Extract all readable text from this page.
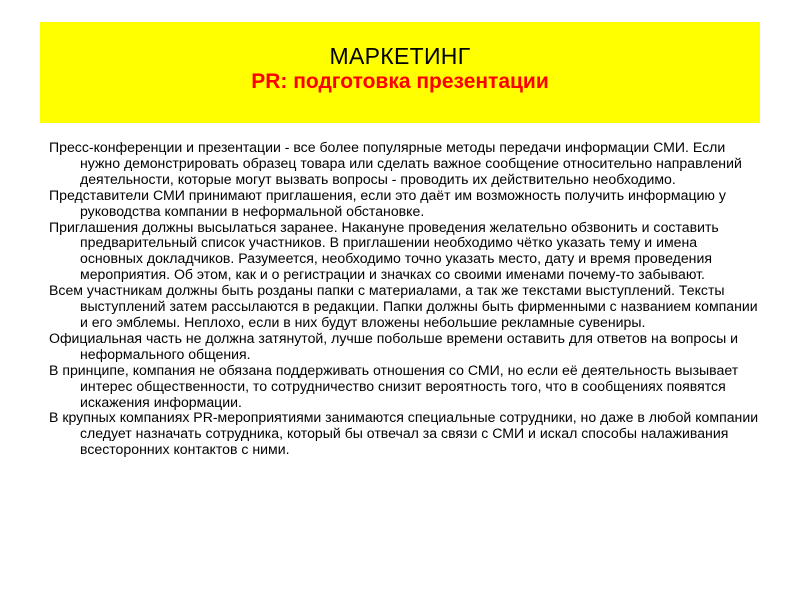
МАРКЕТИНГ
PR: подготовка презентации

Пресс-конференции и презентации - все более популярные методы передачи информации СМИ. Если нужно демонстрировать образец товара или сделать важное сообщение относительно направлений деятельности, которые могут вызвать вопросы - проводить их действительно необходимо.

Представители СМИ принимают приглашения, если это даёт им возможность получить информацию у руководства компании в неформальной обстановке.

Приглашения должны высылаться заранее. Накануне проведения желательно обзвонить и составить предварительный список участников. В приглашении необходимо чётко указать тему и имена основных докладчиков. Разумеется, необходимо точно указать место, дату и время проведения мероприятия. Об этом, как и о регистрации и значках со своими именами почему-то забывают.

Всем участникам должны быть розданы папки с материалами, а так же текстами выступлений. Тексты выступлений затем рассылаются в редакции. Папки должны быть фирменными с названием компании и его эмблемы. Неплохо, если в них будут вложены небольшие рекламные сувениры.

Официальная часть не должна затянутой, лучше побольше времени оставить для ответов на вопросы и неформального общения.

В принципе, компания не обязана поддерживать отношения со СМИ, но если её деятельность вызывает интерес общественности, то сотрудничество снизит вероятность того, что в сообщениях появятся искажения информации.

В крупных компаниях PR-мероприятиями занимаются специальные сотрудники, но даже в любой компании следует назначать сотрудника, который бы отвечал за связи с СМИ и искал способы налаживания всесторонних контактов с ними.
